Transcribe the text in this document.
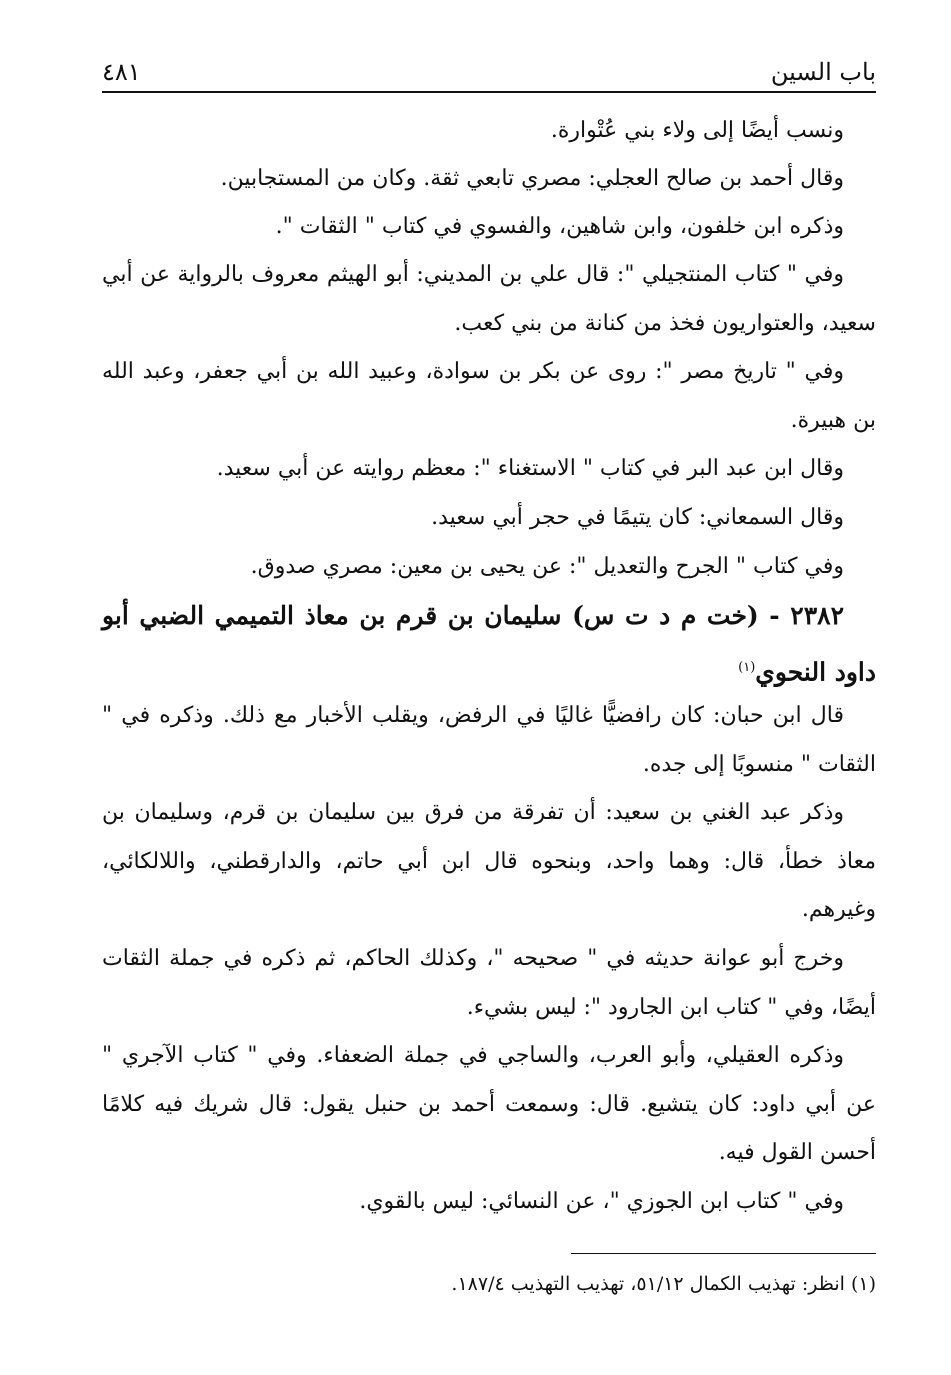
باب السين
٤٨١

ونسب أيضًا إلى ولاء بني عُتْوارة.

وقال أحمد بن صالح العجلي: مصري تابعي ثقة. وكان من المستجابين.

وذكره ابن خلفون، وابن شاهين، والفسوي في كتاب " الثقات ".

وفي " كتاب المنتجيلي ": قال علي بن المديني: أبو الهيثم معروف بالرواية عن أبي سعيد، والعتواريون فخذ من كنانة من بني كعب.

وفي " تاريخ مصر ": روى عن بكر بن سوادة، وعبيد الله بن أبي جعفر، وعبد الله بن هبيرة.

وقال ابن عبد البر في كتاب " الاستغناء ": معظم روايته عن أبي سعيد.

وقال السمعاني: كان يتيمًا في حجر أبي سعيد.

وفي كتاب " الجرح والتعديل ": عن يحيى بن معين: مصري صدوق.

٢٣٨٢ - (خت م د ت س) سليمان بن قرم بن معاذ التميمي الضبي أبو داود النحوي$^{(١)}$

قال ابن حبان: كان رافضيًّا غاليًا في الرفض، ويقلب الأخبار مع ذلك. وذكره في " الثقات " منسوبًا إلى جده.

وذكر عبد الغني بن سعيد: أن تفرقة من فرق بين سليمان بن قرم، وسليمان بن معاذ خطأ، قال: وهما واحد، وبنحوه قال ابن أبي حاتم، والدارقطني، واللالكائي، وغيرهم.

وخرج أبو عوانة حديثه في " صحيحه "، وكذلك الحاكم، ثم ذكره في جملة الثقات أيضًا، وفي " كتاب ابن الجارود ": ليس بشيء.

وذكره العقيلي، وأبو العرب، والساجي في جملة الضعفاء. وفي " كتاب الآجري " عن أبي داود: كان يتشيع. قال: وسمعت أحمد بن حنبل يقول: قال شريك فيه كلامًا أحسن القول فيه.

وفي " كتاب ابن الجوزي "، عن النسائي: ليس بالقوي.

(١) انظر: تهذيب الكمال ٥١/١٢، تهذيب التهذيب ١٨٧/٤.
